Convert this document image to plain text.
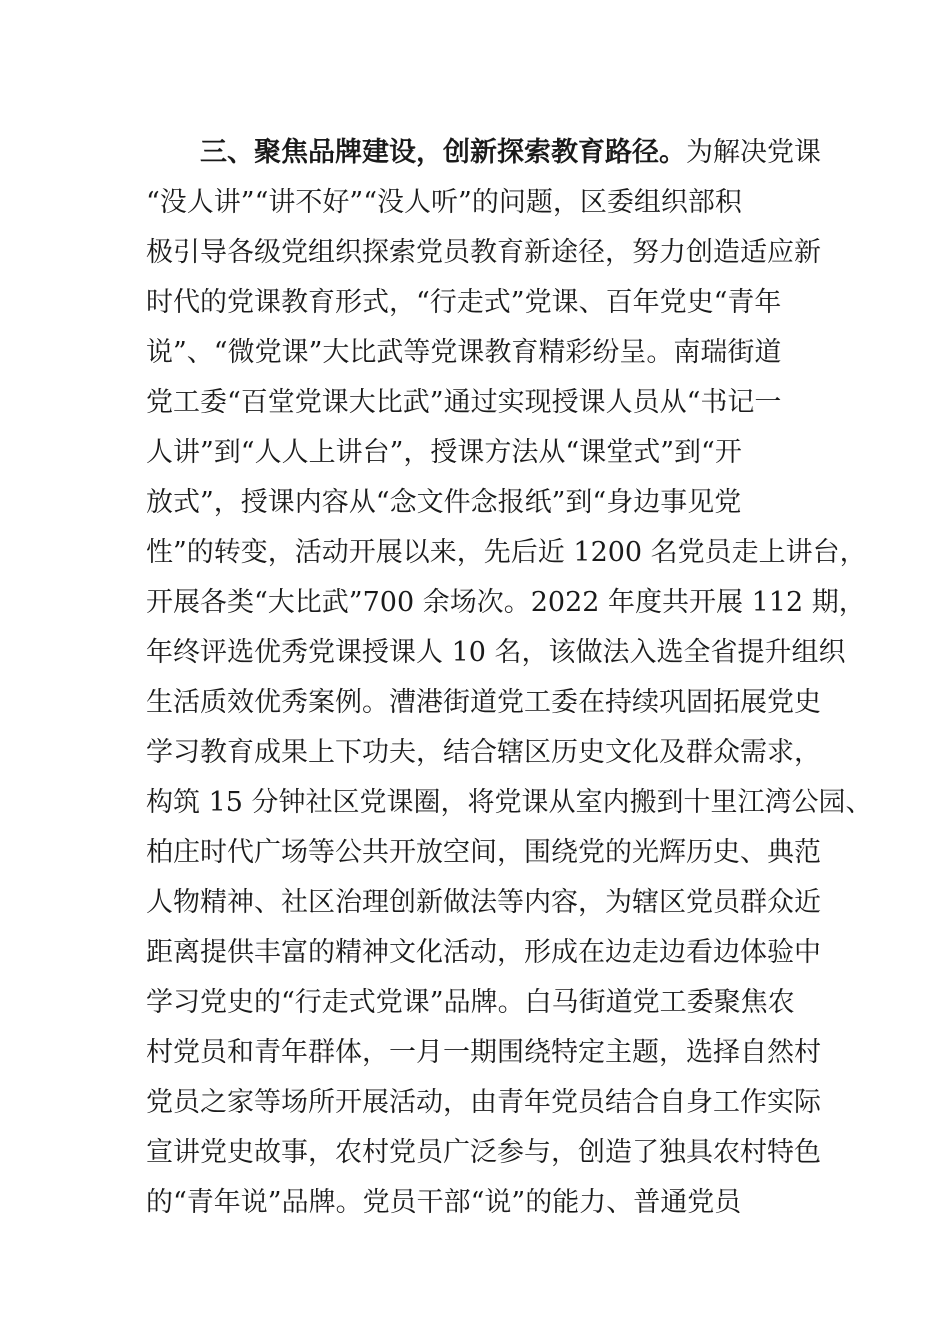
三、聚焦品牌建设，创新探索教育路径。为解决党课
“没人讲”“讲不好”“没人听”的问题，区委组织部积
极引导各级党组织探索党员教育新途径，努力创造适应新
时代的党课教育形式，“行走式”党课、百年党史“青年
说”、“微党课”大比武等党课教育精彩纷呈。南瑞街道
党工委“百堂党课大比武”通过实现授课人员从“书记一
人讲”到“人人上讲台”，授课方法从“课堂式”到“开
放式”，授课内容从“念文件念报纸”到“身边事见党
性”的转变，活动开展以来，先后近 1200 名党员走上讲台，
开展各类“大比武”700 余场次。2022 年度共开展 112 期，
年终评选优秀党课授课人 10 名，该做法入选全省提升组织
生活质效优秀案例。漕港街道党工委在持续巩固拓展党史
学习教育成果上下功夫，结合辖区历史文化及群众需求，
构筑 15 分钟社区党课圈，将党课从室内搬到十里江湾公园、
柏庄时代广场等公共开放空间，围绕党的光辉历史、典范
人物精神、社区治理创新做法等内容，为辖区党员群众近
距离提供丰富的精神文化活动，形成在边走边看边体验中
学习党史的“行走式党课”品牌。白马街道党工委聚焦农
村党员和青年群体，一月一期围绕特定主题，选择自然村
党员之家等场所开展活动，由青年党员结合自身工作实际
宣讲党史故事，农村党员广泛参与，创造了独具农村特色
的“青年说”品牌。党员干部“说”的能力、普通党员
